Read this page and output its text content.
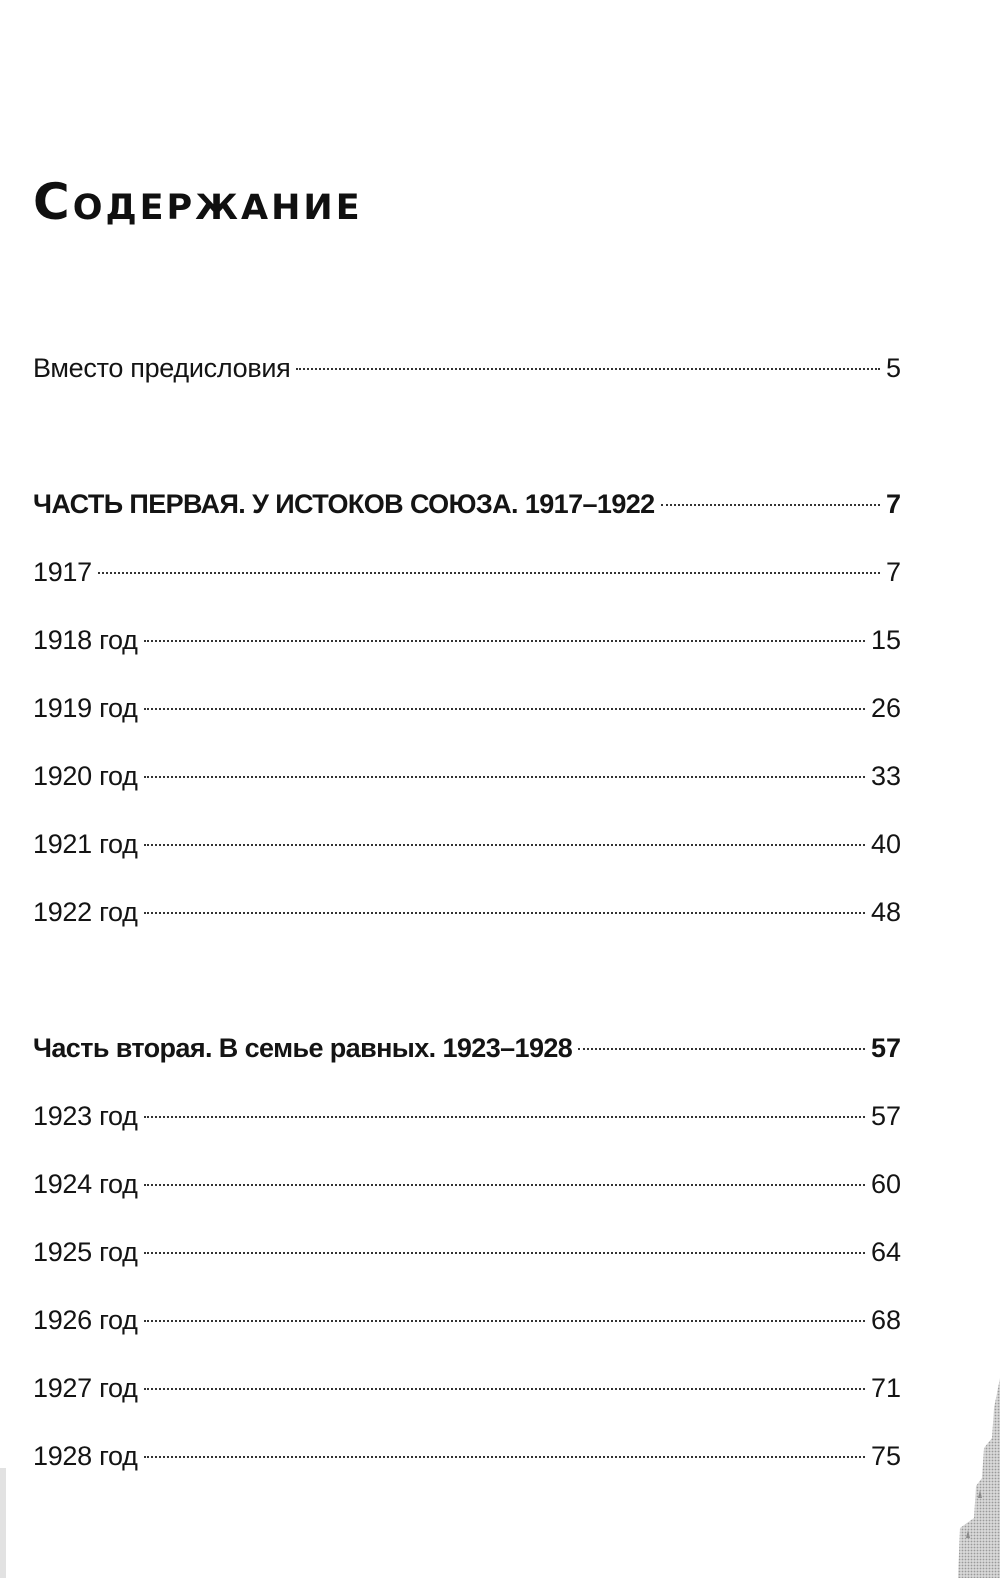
Содержание
Вместо предисловия	5
ЧАСТЬ ПЕРВАЯ. У ИСТОКОВ СОЮЗА. 1917–1922	7
1917	7
1918 год	15
1919 год	26
1920 год	33
1921 год	40
1922 год	48
Часть вторая. В семье равных. 1923–1928	57
1923 год	57
1924 год	60
1925 год	64
1926 год	68
1927 год	71
1928 год	75
